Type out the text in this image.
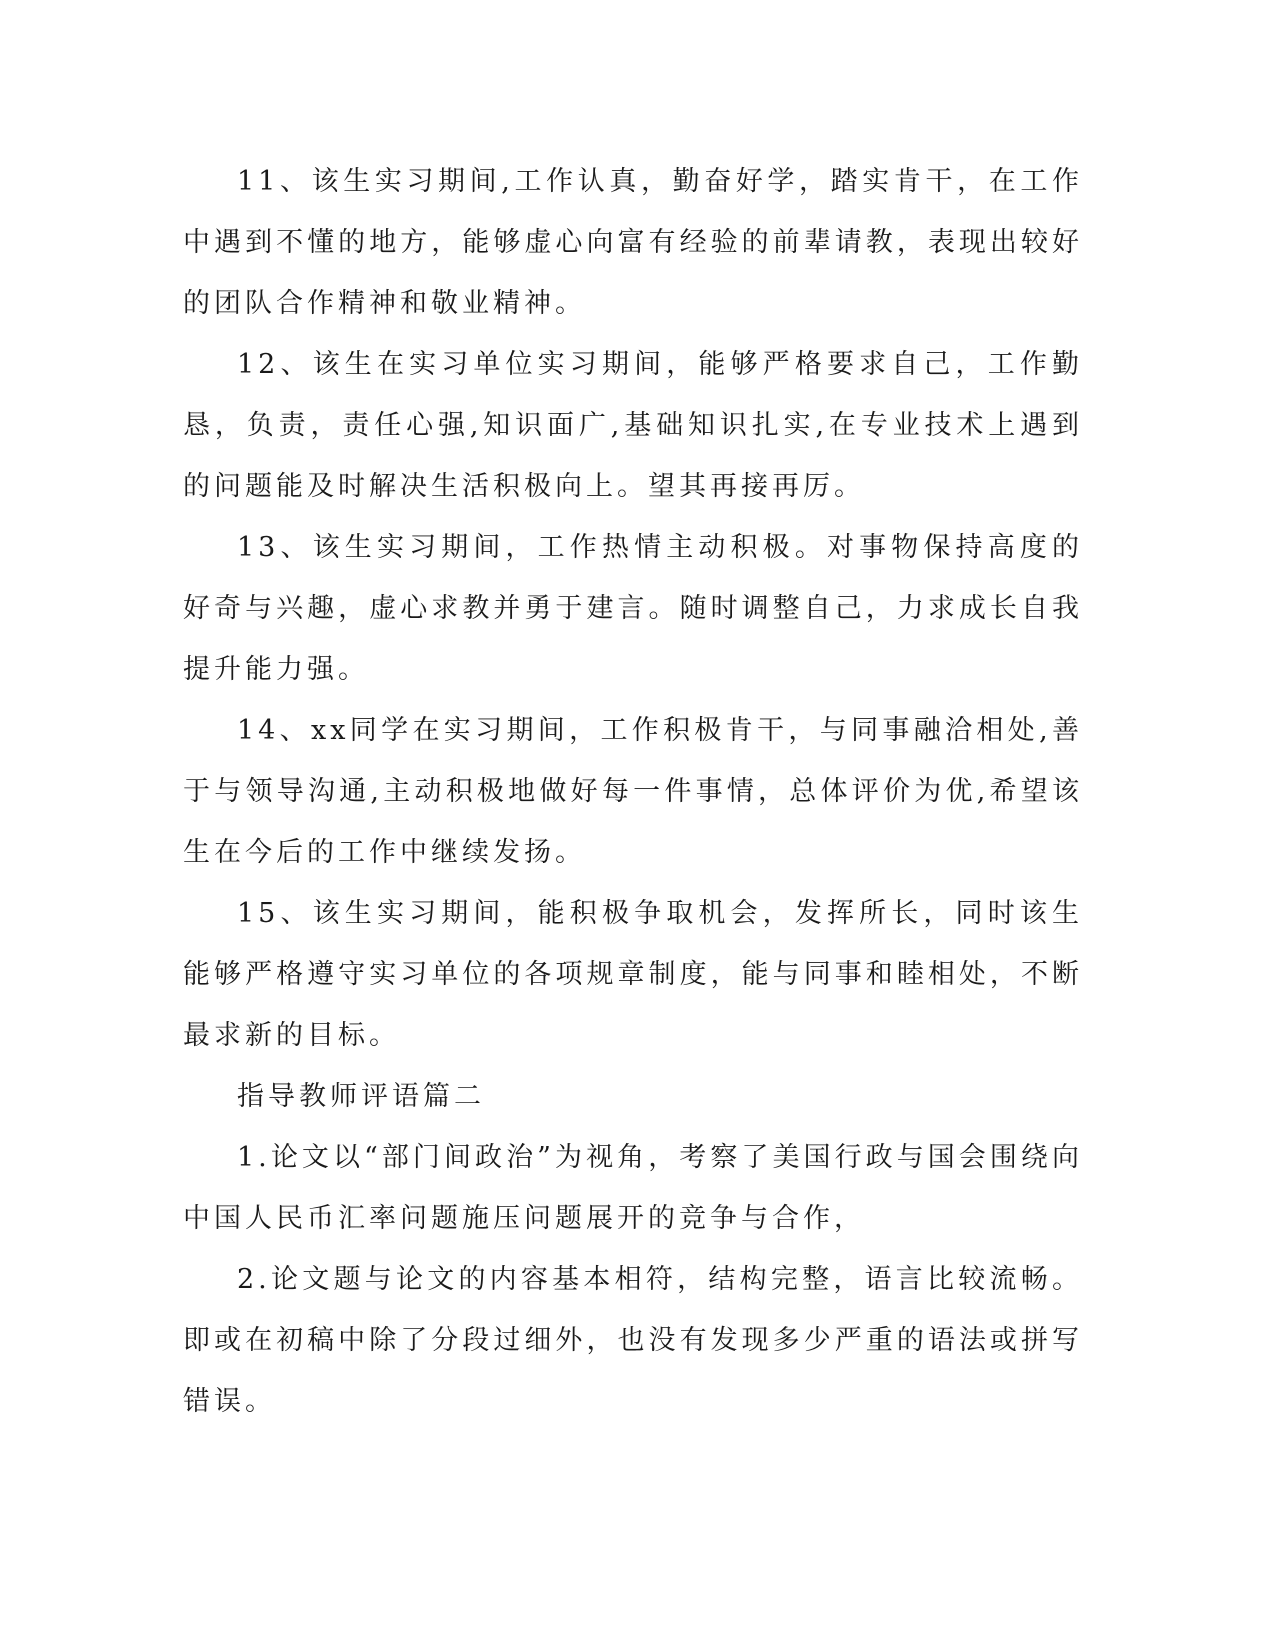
11、该生实习期间,工作认真，勤奋好学，踏实肯干，在工作中遇到不懂的地方，能够虚心向富有经验的前辈请教，表现出较好的团队合作精神和敬业精神。

12、该生在实习单位实习期间，能够严格要求自己，工作勤恳，负责，责任心强,知识面广,基础知识扎实,在专业技术上遇到的问题能及时解决生活积极向上。望其再接再厉。

13、该生实习期间，工作热情主动积极。对事物保持高度的好奇与兴趣，虚心求教并勇于建言。随时调整自己，力求成长自我提升能力强。

14、xx同学在实习期间，工作积极肯干，与同事融洽相处,善于与领导沟通,主动积极地做好每一件事情，总体评价为优,希望该生在今后的工作中继续发扬。

15、该生实习期间，能积极争取机会，发挥所长，同时该生能够严格遵守实习单位的各项规章制度，能与同事和睦相处，不断最求新的目标。

指导教师评语篇二

1.论文以“部门间政治”为视角，考察了美国行政与国会围绕向中国人民币汇率问题施压问题展开的竞争与合作，

2.论文题与论文的内容基本相符，结构完整，语言比较流畅。即或在初稿中除了分段过细外，也没有发现多少严重的语法或拼写错误。
